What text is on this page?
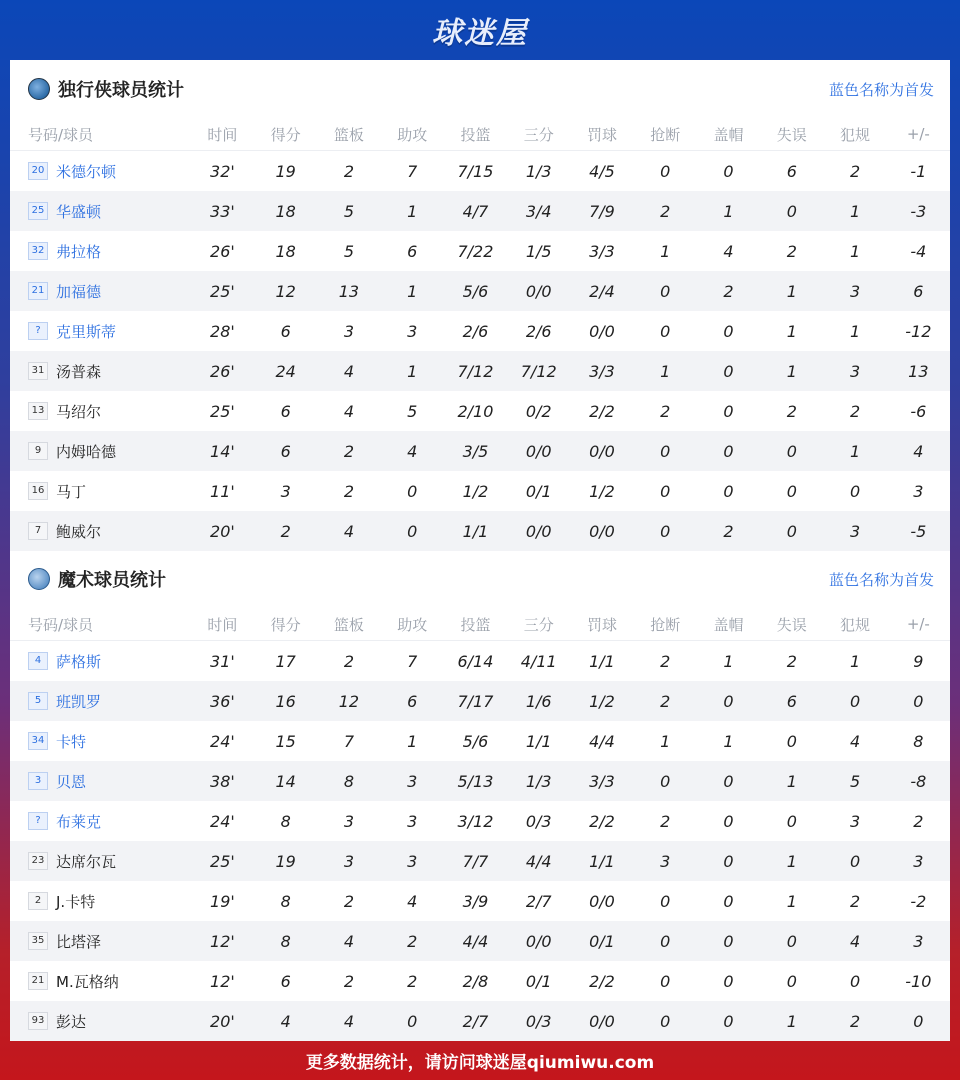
球迷屋
独行侠球员统计	蓝色名称为首发
号码/球员	时间	得分	篮板	助攻	投篮	三分	罚球	抢断	盖帽	失误	犯规	+/-
20 米德尔顿	32'	19	2	7	7/15	1/3	4/5	0	0	6	2	-1
25 华盛顿	33'	18	5	1	4/7	3/4	7/9	2	1	0	1	-3
32 弗拉格	26'	18	5	6	7/22	1/5	3/3	1	4	2	1	-4
21 加福德	25'	12	13	1	5/6	0/0	2/4	0	2	1	3	6
? 克里斯蒂	28'	6	3	3	2/6	2/6	0/0	0	0	1	1	-12
31 汤普森	26'	24	4	1	7/12	7/12	3/3	1	0	1	3	13
13 马绍尔	25'	6	4	5	2/10	0/2	2/2	2	0	2	2	-6
9 内姆哈德	14'	6	2	4	3/5	0/0	0/0	0	0	0	1	4
16 马丁	11'	3	2	0	1/2	0/1	1/2	0	0	0	0	3
7 鲍威尔	20'	2	4	0	1/1	0/0	0/0	0	2	0	3	-5
魔术球员统计	蓝色名称为首发
号码/球员	时间	得分	篮板	助攻	投篮	三分	罚球	抢断	盖帽	失误	犯规	+/-
4 萨格斯	31'	17	2	7	6/14	4/11	1/1	2	1	2	1	9
5 班凯罗	36'	16	12	6	7/17	1/6	1/2	2	0	6	0	0
34 卡特	24'	15	7	1	5/6	1/1	4/4	1	1	0	4	8
3 贝恩	38'	14	8	3	5/13	1/3	3/3	0	0	1	5	-8
? 布莱克	24'	8	3	3	3/12	0/3	2/2	2	0	0	3	2
23 达席尔瓦	25'	19	3	3	7/7	4/4	1/1	3	0	1	0	3
2 J.卡特	19'	8	2	4	3/9	2/7	0/0	0	0	1	2	-2
35 比塔泽	12'	8	4	2	4/4	0/0	0/1	0	0	0	4	3
21 M.瓦格纳	12'	6	2	2	2/8	0/1	2/2	0	0	0	0	-10
93 彭达	20'	4	4	0	2/7	0/3	0/0	0	0	1	2	0
更多数据统计，请访问球迷屋qiumiwu.com
